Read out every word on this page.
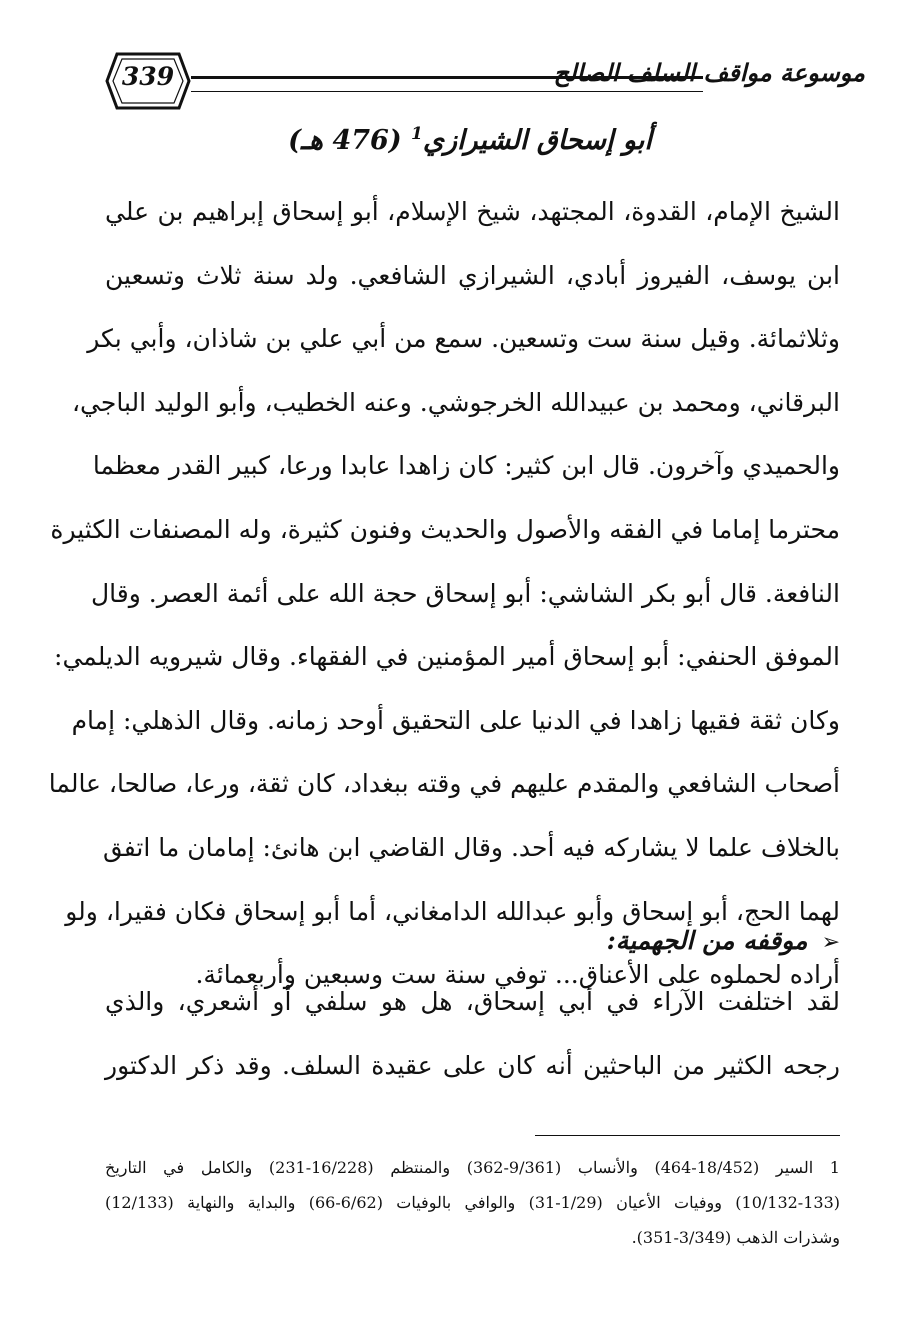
339	موسوعة مواقف السلف الصالح
أبو إسحاق الشيرازي$^1$ (476 هـ)
الشيخ الإمام، القدوة، المجتهد، شيخ الإسلام، أبو إسحاق إبراهيم بن علي
ابن يوسف، الفيروز أبادي، الشيرازي الشافعي. ولد سنة ثلاث وتسعين
وثلاثمائة. وقيل سنة ست وتسعين. سمع من أبي علي بن شاذان، وأبي بكر
البرقاني، ومحمد بن عبيدالله الخرجوشي. وعنه الخطيب، وأبو الوليد الباجي،
والحميدي وآخرون. قال ابن كثير: كان زاهدا عابدا ورعا، كبير القدر معظما
محترما إماما في الفقه والأصول والحديث وفنون كثيرة، وله المصنفات الكثيرة
النافعة. قال أبو بكر الشاشي: أبو إسحاق حجة الله على أئمة العصر. وقال
الموفق الحنفي: أبو إسحاق أمير المؤمنين في الفقهاء. وقال شيرويه الديلمي:
وكان ثقة فقيها زاهدا في الدنيا على التحقيق أوحد زمانه. وقال الذهلي: إمام
أصحاب الشافعي والمقدم عليهم في وقته ببغداد، كان ثقة، ورعا، صالحا، عالما
بالخلاف علما لا يشاركه فيه أحد. وقال القاضي ابن هانئ: إمامان ما اتفق
لهما الحج، أبو إسحاق وأبو عبدالله الدامغاني، أما أبو إسحاق فكان فقيرا، ولو
أراده لحملوه على الأعناق... توفي سنة ست وسبعين وأربعمائة.
➢موقفه من الجهمية:
لقد اختلفت الآراء في أبي إسحاق، هل هو سلفي أو أشعري، والذي
رجحه الكثير من الباحثين أنه كان على عقيدة السلف. وقد ذكر الدكتور
1 السير (18/452-464) والأنساب (9/361-362) والمنتظم (16/228-231) والكامل في التاريخ
(10/132-133) ووفيات الأعيان (1/29-31) والوافي بالوفيات (6/62-66) والبداية والنهاية (12/133)
وشذرات الذهب (3/349-351).
